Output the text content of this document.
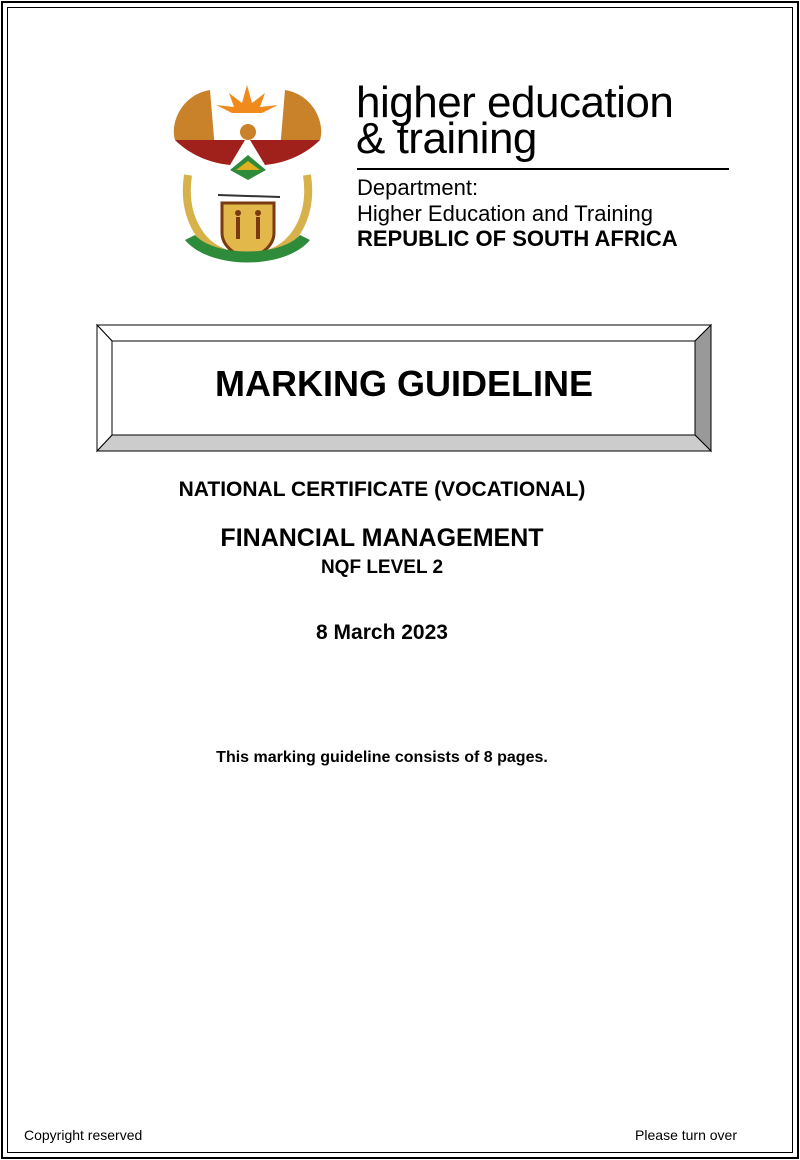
higher education
& training
Department:
Higher Education and Training
REPUBLIC OF SOUTH AFRICA
MARKING GUIDELINE
NATIONAL CERTIFICATE (VOCATIONAL)
FINANCIAL MANAGEMENT
NQF LEVEL 2
8 March 2023
This marking guideline consists of 8 pages.
Copyright reserved	Please turn over
